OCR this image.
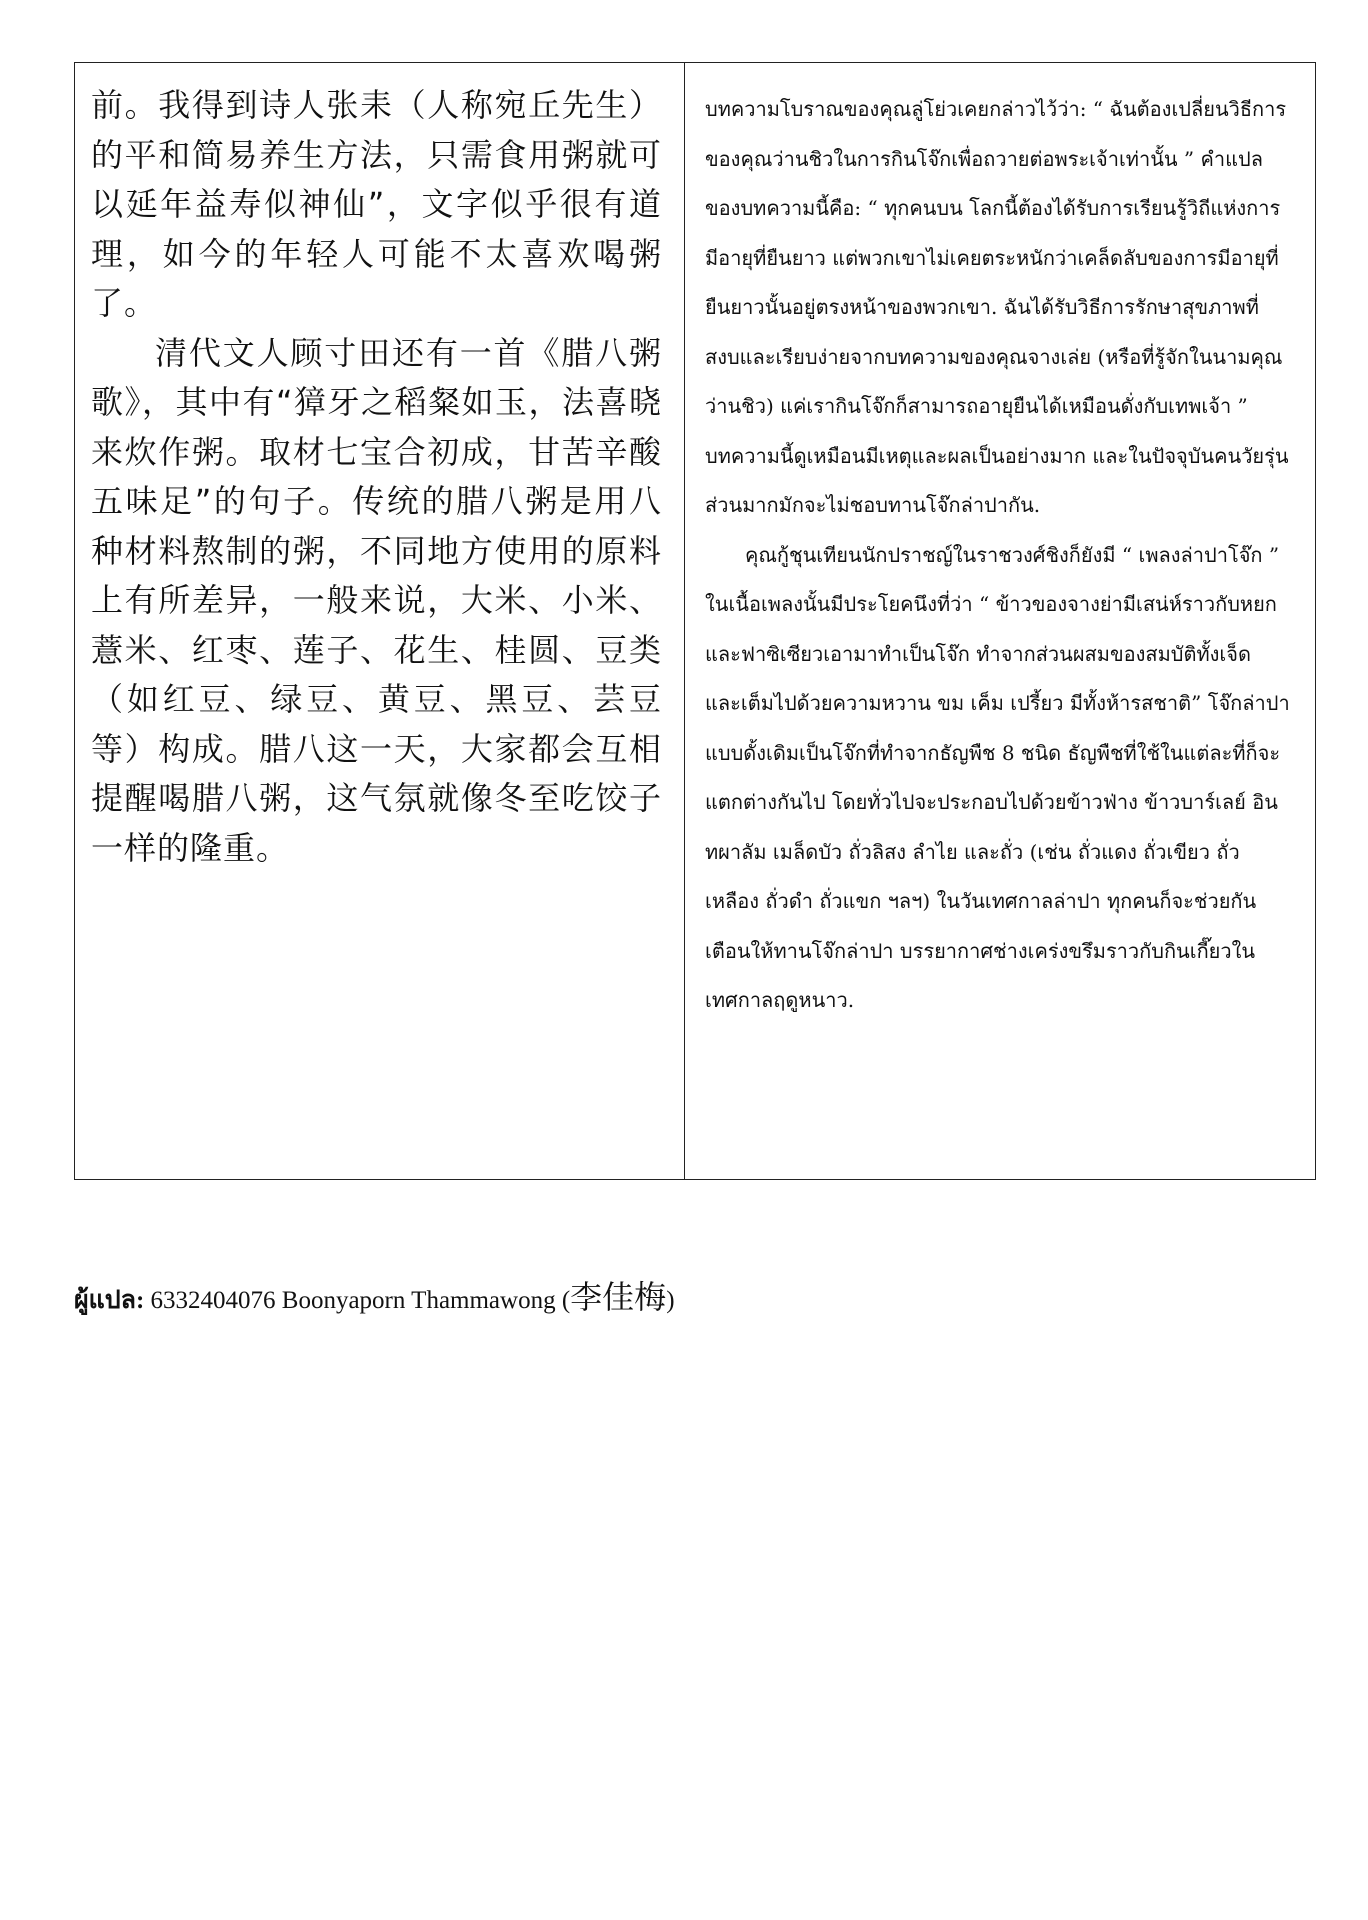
前。我得到诗人张耒（人称宛丘先生）的平和简易养生方法，只需食用粥就可以延年益寿似神仙”，文字似乎很有道理，如今的年轻人可能不太喜欢喝粥了。

清代文人顾寸田还有一首《腊八粥歌》，其中有“獐牙之稻粲如玉，法喜晓来炊作粥。取材七宝合初成，甘苦辛酸五味足”的句子。传统的腊八粥是用八种材料熬制的粥，不同地方使用的原料上有所差异，一般来说，大米、小米、薏米、红枣、莲子、花生、桂圆、豆类（如红豆、绿豆、黄豆、黑豆、芸豆等）构成。腊八这一天，大家都会互相提醒喝腊八粥，这气氛就像冬至吃饺子一样的隆重。

บทความโบราณของคุณลู่โย่วเคยกล่าวไว้ว่า: “ ฉันต้องเปลี่ยนวิธีการของคุณว่านชิวในการกินโจ๊กเพื่อถวายต่อพระเจ้าเท่านั้น ” คำแปลของบทความนี้คือ: “ ทุกคนบน โลกนี้ต้องได้รับการเรียนรู้วิถีแห่งการมีอายุที่ยืนยาว แต่พวกเขาไม่เคยตระหนักว่าเคล็ดลับของการมีอายุที่ยืนยาวนั้นอยู่ตรงหน้าของพวกเขา. ฉันได้รับวิธีการรักษาสุขภาพที่สงบและเรียบง่ายจากบทความของคุณจางเล่ย (หรือที่รู้จักในนามคุณว่านชิว) แค่เรากินโจ๊กก็สามารถอายุยืนได้เหมือนดั่งกับเทพเจ้า ” บทความนี้ดูเหมือนมีเหตุและผลเป็นอย่างมาก และในปัจจุบันคนวัยรุ่นส่วนมากมักจะไม่ชอบทานโจ๊กล่าปากัน.

คุณกู้ชุนเทียนนักปราชญ์ในราชวงศ์ชิงก็ยังมี “ เพลงล่าปาโจ๊ก ” ในเนื้อเพลงนั้นมีประโยคนึงที่ว่า “ ข้าวของจางย่ามีเสน่ห์ราวกับหยก และฟาซิเซียวเอามาทำเป็นโจ๊ก ทำจากส่วนผสมของสมบัติทั้งเจ็ด และเต็มไปด้วยความหวาน ขม เค็ม เปรี้ยว มีทั้งห้ารสชาติ” โจ๊กล่าปาแบบดั้งเดิมเป็นโจ๊กที่ทำจากธัญพืช 8 ชนิด ธัญพืชที่ใช้ในแต่ละที่ก็จะแตกต่างกันไป โดยทั่วไปจะประกอบไปด้วยข้าวฟ่าง ข้าวบาร์เลย์ อินทผาลัม เมล็ดบัว ถั่วลิสง ลำไย และถั่ว (เช่น ถั่วแดง ถั่วเขียว ถั่วเหลือง ถั่วดำ ถั่วแขก ฯลฯ) ในวันเทศกาลล่าปา ทุกคนก็จะช่วยกันเตือนให้ทานโจ๊กล่าปา บรรยากาศช่างเคร่งขรึมราวกับกินเกี๊ยวในเทศกาลฤดูหนาว.

ผู้แปล: 6332404076 Boonyaporn Thammawong (李佳梅)
